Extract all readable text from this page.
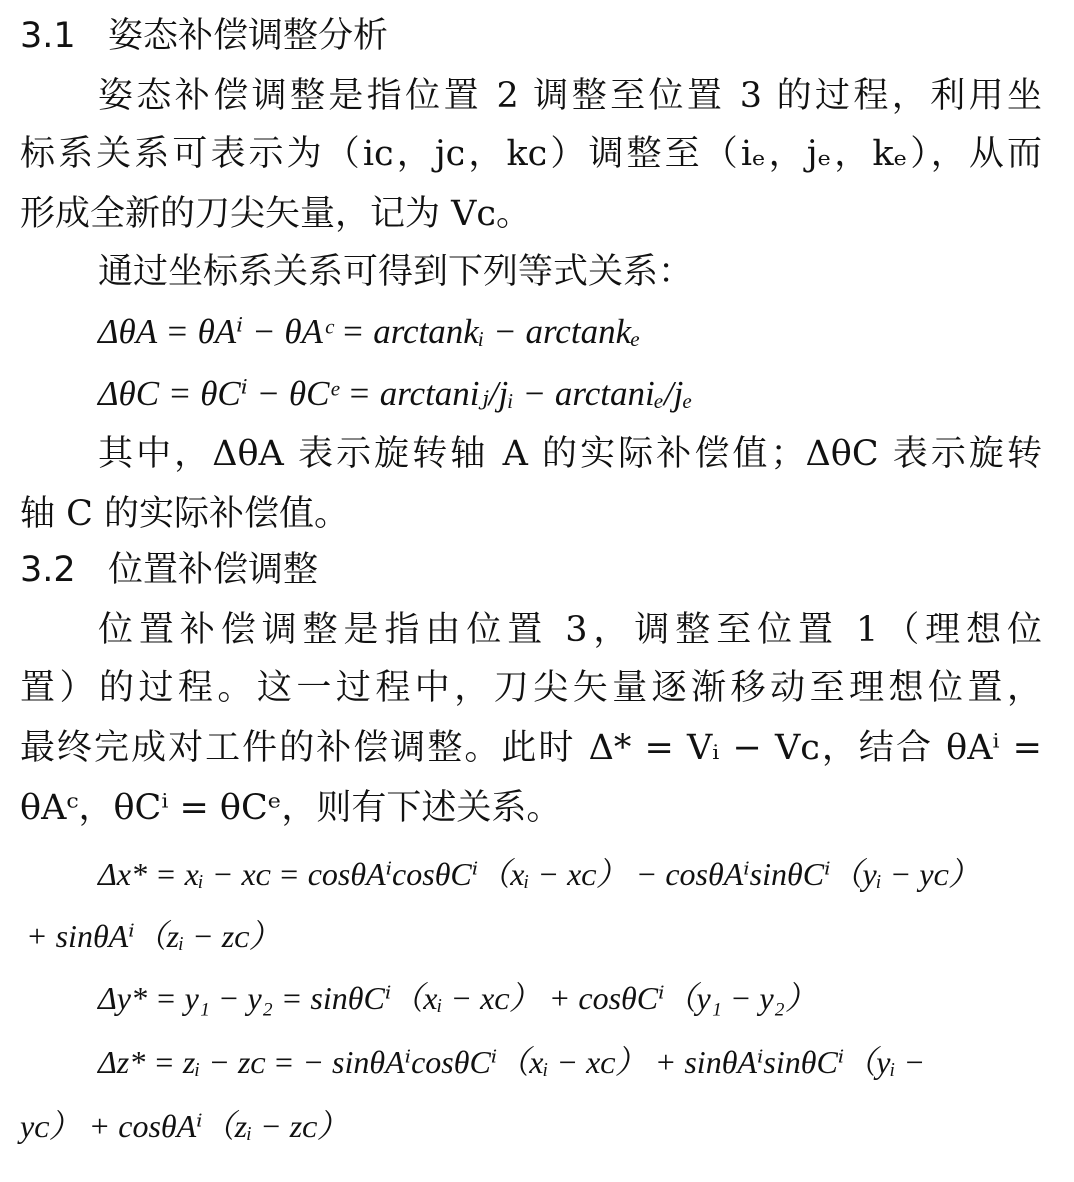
3.1 姿态补偿调整分析
姿态补偿调整是指位置 2 调整至位置 3 的过程，利用坐
标系关系可表示为（iᴄ，jᴄ，kᴄ）调整至（iₑ，jₑ，kₑ），从而
形成全新的刀尖矢量，记为 Vᴄ。
通过坐标系关系可得到下列等式关系：
ΔθA = θAⁱ − θAᶜ = arctankᵢ − arctankₑ
ΔθC = θCⁱ − θCᵉ = arctaniⱼ/jᵢ − arctaniₑ/jₑ
其中，ΔθA 表示旋转轴 A 的实际补偿值；ΔθC 表示旋转
轴 C 的实际补偿值。
3.2 位置补偿调整
位置补偿调整是指由位置 3，调整至位置 1（理想位
置）的过程。这一过程中，刀尖矢量逐渐移动至理想位置，
最终完成对工件的补偿调整。此时 Δ* = Vᵢ − Vᴄ，结合 θAⁱ =
θAᶜ，θCⁱ = θCᵉ，则有下述关系。
Δx* = xᵢ − xᴄ = cosθAⁱcosθCⁱ（xᵢ − xᴄ） − cosθAⁱsinθCⁱ（yᵢ − yᴄ）
+ sinθAⁱ（zᵢ − zᴄ）
Δy* = y₁ − y₂ = sinθCⁱ（xᵢ − xᴄ） + cosθCⁱ（y₁ − y₂）
Δz* = zᵢ − zᴄ = − sinθAⁱcosθCⁱ（xᵢ − xᴄ） + sinθAⁱsinθCⁱ（yᵢ −
yᴄ） + cosθAⁱ（zᵢ − zᴄ）
